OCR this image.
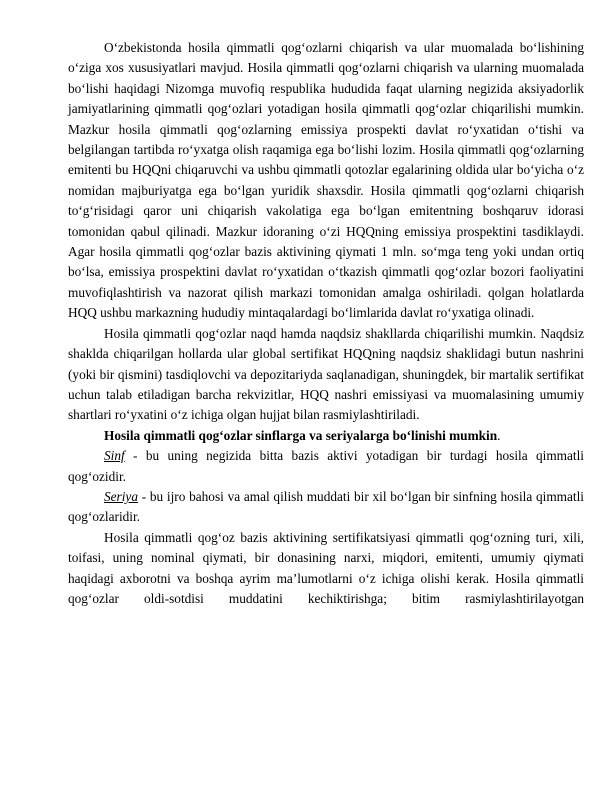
O‘zbekistonda hosila qimmatli qog‘ozlarni chiqarish va ular muomalada bo‘lishining o‘ziga xos xususiyatlari mavjud. Hosila qimmatli qog‘ozlarni chiqarish va ularning muomalada bo‘lishi haqidagi Nizomga muvofiq respublika hududida faqat ularning negizida aksiyadorlik jamiyatlarining qimmatli qog‘ozlari yotadigan hosila qimmatli qog‘ozlar chiqarilishi mumkin. Mazkur hosila qimmatli qog‘ozlarning emissiya prospekti davlat ro‘yxatidan o‘tishi va belgilangan tartibda ro‘yxatga olish raqamiga ega bo‘lishi lozim. Hosila qimmatli qog‘ozlarning emitenti bu HQQni chiqaruvchi va ushbu qimmatli qotozlar egalarining oldida ular bo‘yicha o‘z nomidan majburiyatga ega bo‘lgan yuridik shaxsdir. Hosila qimmatli qog‘ozlarni chiqarish to‘g‘risidagi qaror uni chiqarish vakolatiga ega bo‘lgan emitentning boshqaruv idorasi tomonidan qabul qilinadi. Mazkur idoraning o‘zi HQQning emissiya prospektini tasdiklaydi. Agar hosila qimmatli qog‘ozlar bazis aktivining qiymati 1 mln. so‘mga teng yoki undan ortiq bo‘lsa, emissiya prospektini davlat ro‘yxatidan o‘tkazish qimmatli qog‘ozlar bozori faoliyatini muvofiqlashtirish va nazorat qilish markazi tomonidan amalga oshiriladi. qolgan holatlarda HQQ ushbu markazning hududiy mintaqalardagi bo‘limlarida davlat ro‘yxatiga olinadi.

Hosila qimmatli qog‘ozlar naqd hamda naqdsiz shakllarda chiqarilishi mumkin. Naqdsiz shaklda chiqarilgan hollarda ular global sertifikat HQQning naqdsiz shaklidagi butun nashrini (yoki bir qismini) tasdiqlovchi va depozitariyda saqlanadigan, shuningdek, bir martalik sertifikat uchun talab etiladigan barcha rekvizitlar, HQQ nashri emissiyasi va muomalasining umumiy shartlari ro‘yxatini o‘z ichiga olgan hujjat bilan rasmiylashtiriladi.

Hosila qimmatli qog‘ozlar sinflarga va seriyalarga bo‘linishi mumkin.

Sinf - bu uning negizida bitta bazis aktivi yotadigan bir turdagi hosila qimmatli qog‘ozidir.

Seriya - bu ijro bahosi va amal qilish muddati bir xil bo‘lgan bir sinfning hosila qimmatli qog‘ozlaridir.

Hosila qimmatli qog‘oz bazis aktivining sertifikatsiyasi qimmatli qog‘ozning turi, xili, toifasi, uning nominal qiymati, bir donasining narxi, miqdori, emitenti, umumiy qiymati haqidagi axborotni va boshqa ayrim ma’lumotlarni o‘z ichiga olishi kerak. Hosila qimmatli qog‘ozlar oldi-sotdisi muddatini kechiktirishga; bitim rasmiylashtirilayotgan
